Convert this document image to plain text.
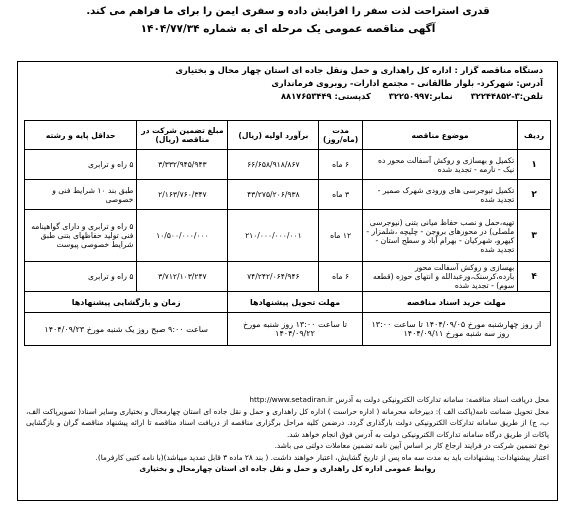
قدری استراحت لذت سفر را افزایش داده و سفری ایمن را برای ما فراهم می کند.
آگهی مناقصه عمومی یک مرحله ای به شماره ۱۴۰۴/۷۷/۳۴
دستگاه مناقصه گزار : اداره کل راهداری و حمل ونقل جاده ای استان چهار محال و بختیاری
آدرس: شهرکرد- بلوار طالقانی - مجتمع ادارات- روبروی فرمانداری
تلفن:۳-۳۲۲۴۴۸۵۲
نمابر:۳۲۲۵۰۹۹۷
کدپستی: ۸۸۱۷۶۵۳۴۴۹
ردیف	موضوع مناقصه	مدت (ماه/روز)	برآورد اولیه (ریال)	مبلغ تضمین شرکت در مناقصه (ریال)	حداقل پایه و رشته
۱	تکمیل و بهسازی و روکش آسفالت محور ده نیک - نارمه - تجدید شده	۶ ماه	۶۶/۶۵۸/۹۱۸/۸۶۷	۳/۳۳۲/۹۴۵/۹۴۳	۵ راه و ترابری
۲	تکمیل تبوجرسی های ورودی شهرک صمیر - تجدید شده	۳ ماه	۴۳/۲۷۵/۲۰۶/۹۳۸	۲/۱۶۳/۷۶۰/۳۴۷	طبق بند ۱۰ شرایط فنی و خصوصی
۳	تهیه،حمل و نصب حفاظ میانی بتنی (نیوجرسی ملصلی) در محورهای بروجن - چلیچه ،شلمزار - کیهرو، شهرکیان - بهرام آباد و سطح استان - تجدید شده	۱۲ ماه	۲۱۰/۰۰۰/۰۰۰/۰۰۱	۱۰/۵۰۰/۰۰۰/۰۰۰	۵ راه و ترابری و دارای گواهینامه فنی تولید حفاظهای بتنی طبق شرایط خصوصی پیوست
۴	بهسازی و روکش آسفالت محور بارده،کرسنک،ورعبدالله و انتهای حوزه (قطعه سوم) - تجدید شده	۶ ماه	۷۴/۲۴۲/۰۶۴/۹۴۶	۳/۷۱۲/۱۰۳/۲۴۷	۵ راه و ترابری
مهلت خرید اسناد مناقصه		مهلت تحویل پیشنهادها		زمان و بازگشایی پیشنهادها	
از روز چهارشنبه مورخ ۱۴۰۴/۰۹/۰۵ تا ساعت ۱۳:۰۰ روز سه شنبه مورخ ۱۴۰۴/۰۹/۱۱		تا ساعت ۱۳:۰۰ روز شنبه مورخ ۱۴۰۴/۰۹/۲۲		ساعت ۹:۰۰ صبح روز یک شنبه مورخ ۱۴۰۴/۰۹/۲۳	

محل دریافت اسناد مناقصه: سامانه تدارکات الکترونیکی دولت به آدرس http://www.setadiran.ir

محل تحویل ضمانت نامه(پاکت الف ): دبیرخانه محرمانه ( اداره حراست ) اداره کل راهداری و حمل و نقل جاده ای استان چهارمحال و بختیاری وسایر اسناد( تصویرپاکت الف، ب، ج) از طریق سامانه تدارکات الکترونیکی دولت بارگذاری گردد. درضمن کلیه مراحل برگزاری مناقصه از دریافت اسناد مناقصه تا ارائه پیشنهاد مناقصه گران و بازگشایی پاکات از طریق درگاه سامانه تدارکات الکترونیکی دولت به آدرس فوق انجام خواهد شد.

نوع تضمین شرکت در فرایند ارجاع کار بر اساس آیین نامه تضمین معاملات دولتی می باشد.

اعتبار پیشنهادات: پیشنهادات باید به مدت سه ماه پس از تاریخ گشایش، اعتبار خواهند داشت. ( بند ۲۸ ماده ۳ قابل تمدید میباشد)(با نامه کتبی کارفرما).

روابط عمومی اداره کل راهداری و حمل و نقل جاده ای استان چهارمحال و بختیاری
